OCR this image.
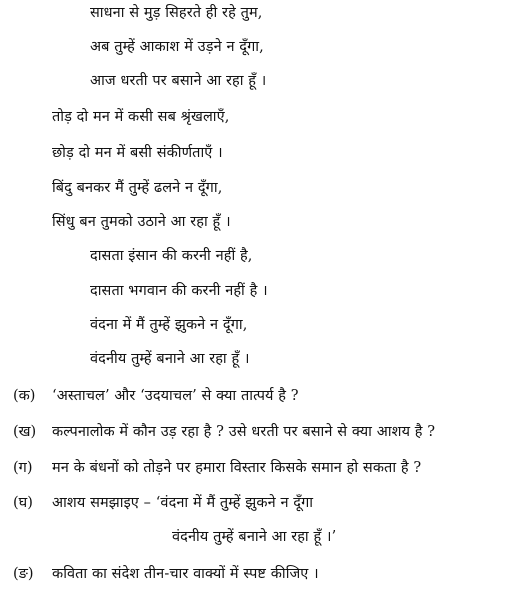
साधना से मुड़ सिहरते ही रहे तुम,
अब तुम्हें आकाश में उड़ने न दूँगा,
आज धरती पर बसाने आ रहा हूँ ।
तोड़ दो मन में कसी सब श्रृंखलाएँ,
छोड़ दो मन में बसी संकीर्णताएँ ।
बिंदु बनकर मैं तुम्हें ढलने न दूँगा,
सिंधु बन तुमको उठाने आ रहा हूँ ।
दासता इंसान की करनी नहीं है,
दासता भगवान की करनी नहीं है ।
वंदना में मैं तुम्हें झुकने न दूँगा,
वंदनीय तुम्हें बनाने आ रहा हूँ ।
(क) ‘अस्ताचल’ और ‘उदयाचल’ से क्या तात्पर्य है ?
(ख) कल्पनालोक में कौन उड़ रहा है ? उसे धरती पर बसाने से क्या आशय है ?
(ग) मन के बंधनों को तोड़ने पर हमारा विस्तार किसके समान हो सकता है ?
(घ) आशय समझाइए – ‘वंदना में मैं तुम्हें झुकने न दूँगा
वंदनीय तुम्हें बनाने आ रहा हूँ ।’
(ङ) कविता का संदेश तीन-चार वाक्यों में स्पष्ट कीजिए ।
